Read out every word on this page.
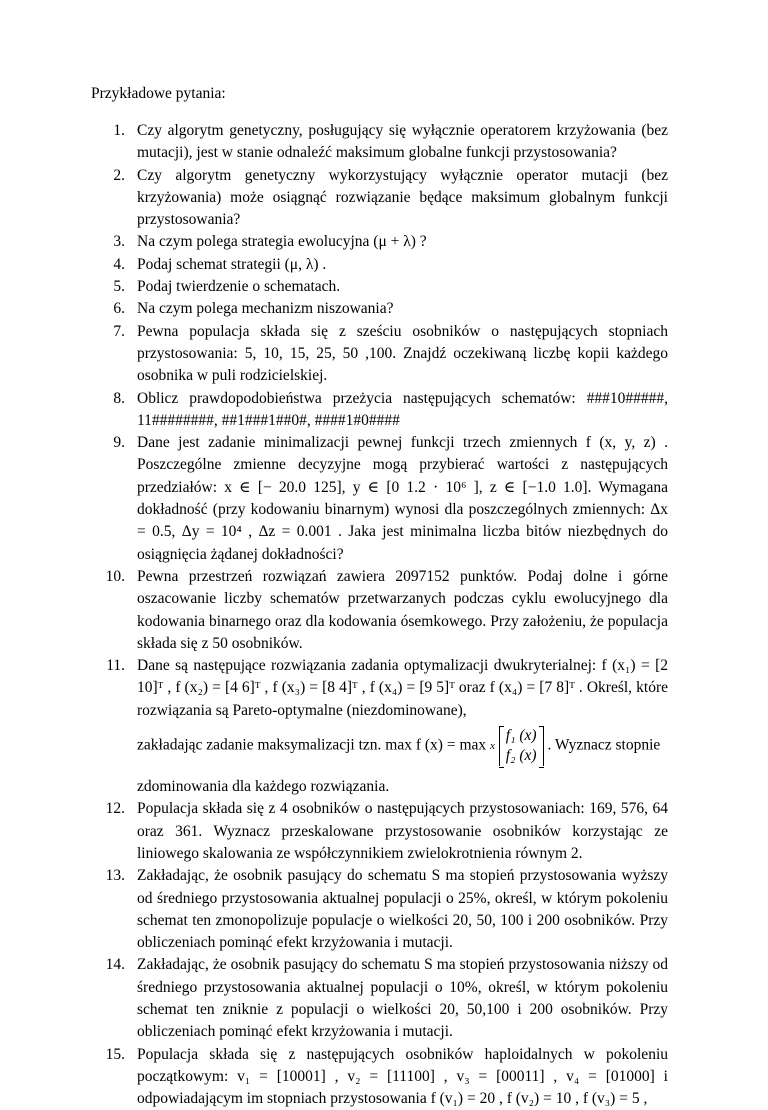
Przykładowe pytania:

1. Czy algorytm genetyczny, posługujący się wyłącznie operatorem krzyżowania (bez mutacji), jest w stanie odnaleźć maksimum globalne funkcji przystosowania?
2. Czy algorytm genetyczny wykorzystujący wyłącznie operator mutacji (bez krzyżowania) może osiągnąć rozwiązanie będące maksimum globalnym funkcji przystosowania?
3. Na czym polega strategia ewolucyjna (μ + λ) ?
4. Podaj schemat strategii (μ, λ) .
5. Podaj twierdzenie o schematach.
6. Na czym polega mechanizm niszowania?
7. Pewna populacja składa się z sześciu osobników o następujących stopniach przystosowania: 5, 10, 15, 25, 50 ,100. Znajdź oczekiwaną liczbę kopii każdego osobnika w puli rodzicielskiej.
8. Oblicz prawdopodobieństwa przeżycia następujących schematów: ###10#####, 11########, ##1###1##0#, ####1#0####
9. Dane jest zadanie minimalizacji pewnej funkcji trzech zmiennych f (x, y, z) . Poszczególne zmienne decyzyjne mogą przybierać wartości z następujących przedziałów: x ∈ [− 20.0 125], y ∈ [0 1.2 ⋅ 10⁶ ], z ∈ [−1.0 1.0]. Wymagana dokładność (przy kodowaniu binarnym) wynosi dla poszczególnych zmiennych: Δx = 0.5, Δy = 10⁴ , Δz = 0.001 . Jaka jest minimalna liczba bitów niezbędnych do osiągnięcia żądanej dokładności?
10. Pewna przestrzeń rozwiązań zawiera 2097152 punktów. Podaj dolne i górne oszacowanie liczby schematów przetwarzanych podczas cyklu ewolucyjnego dla kodowania binarnego oraz dla kodowania ósemkowego. Przy założeniu, że populacja składa się z 50 osobników.
11. Dane są następujące rozwiązania zadania optymalizacji dwukryterialnej: f (x₁) = [2 10]ᵀ , f (x₂) = [4 6]ᵀ , f (x₃) = [8 4]ᵀ , f (x₄) = [9 5]ᵀ oraz f (x₄) = [7 8]ᵀ . Określ, które rozwiązania są Pareto-optymalne (niezdominowane),
zakładając zadanie maksymalizacji tzn. max f (x) = max x
f₁ (x)
f₂ (x) . Wyznacz stopnie
zdominowania dla każdego rozwiązania.
12. Populacja składa się z 4 osobników o następujących przystosowaniach: 169, 576, 64 oraz 361. Wyznacz przeskalowane przystosowanie osobników korzystając ze liniowego skalowania ze współczynnikiem zwielokrotnienia równym 2.
13. Zakładając, że osobnik pasujący do schematu S ma stopień przystosowania wyższy od średniego przystosowania aktualnej populacji o 25%, określ, w którym pokoleniu schemat ten zmonopolizuje populacje o wielkości 20, 50, 100 i 200 osobników. Przy obliczeniach pominąć efekt krzyżowania i mutacji.
14. Zakładając, że osobnik pasujący do schematu S ma stopień przystosowania niższy od średniego przystosowania aktualnej populacji o 10%, określ, w którym pokoleniu schemat ten zniknie z populacji o wielkości 20, 50,100 i 200 osobników. Przy obliczeniach pominąć efekt krzyżowania i mutacji.
15. Populacja składa się z następujących osobników haploidalnych w pokoleniu początkowym: v₁ = [10001] , v₂ = [11100] , v₃ = [00011] , v₄ = [01000] i odpowiadającym im stopniach przystosowania f (v₁) = 20 , f (v₂) = 10 , f (v₃) = 5 ,
